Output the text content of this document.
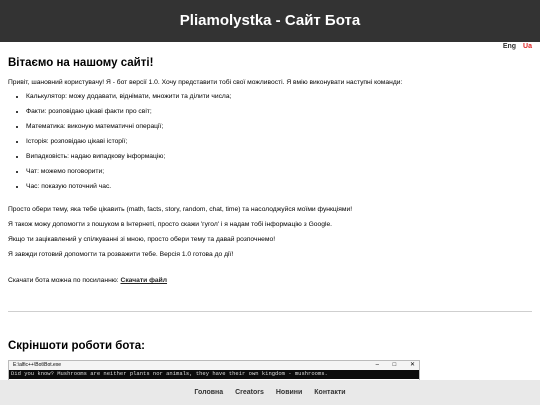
Pliamolystka - Сайт Бота
Eng Ua
Вітаємо на нашому сайті!

Привіт, шановний користувачу! Я - бот версії 1.0. Хочу представити тобі свої можливості. Я вмію виконувати наступні команди:

• Калькулятор: можу додавати, віднімати, множити та ділити числа;
• Факти: розповідаю цікаві факти про світ;
• Математика: виконую математичні операції;
• Історія: розповідаю цікаві історії;
• Випадковість: надаю випадкову інформацію;
• Чат: можемо поговорити;
• Час: показую поточний час.

Просто обери тему, яка тебе цікавить (math, facts, story, random, chat, time) та насолоджуйся моїми функціями!

Я також можу допомогти з пошуком в Інтернеті, просто скажи 'гугол' і я надам тобі інформацію з Google.

Якщо ти зацікавлений у спілкуванні зі мною, просто обери тему та давай розпочнемо!

Я завжди готовий допомогти та розважити тебе. Версія 1.0 готова до дії!

Скачати бота можна по посиланню: Скачати файл

Скріншоти роботи бота:
E:\alfic++\Bot\Bot.exe	– □ ✕
Did you know? Mushrooms are neither plants nor animals, they have their own kingdom - mushrooms.
Головна Creators Новини Контакти
